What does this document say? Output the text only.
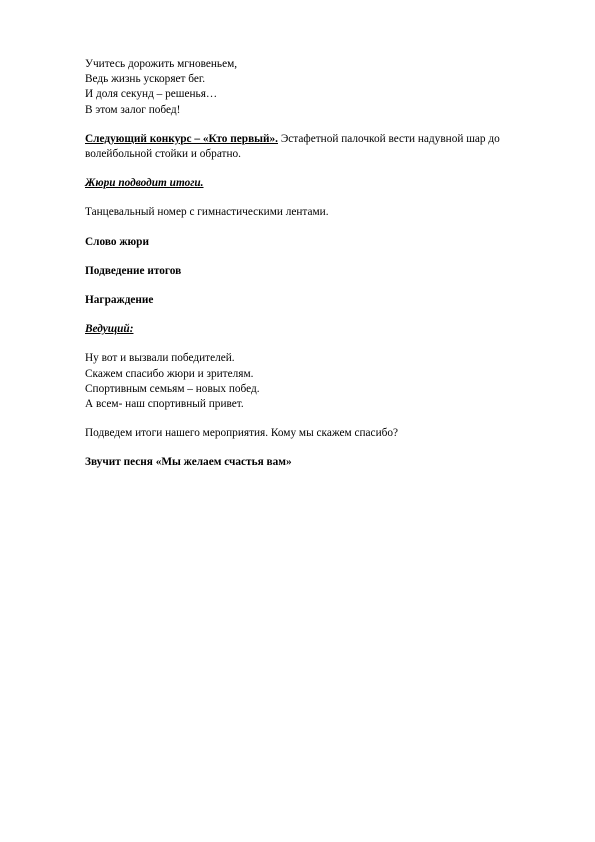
Учитесь дорожить мгновеньем,
Ведь жизнь ускоряет бег.
И доля секунд – решенья…
В этом залог побед!
Следующий конкурс – «Кто первый». Эстафетной палочкой вести надувной шар до волейбольной стойки и обратно.
Жюри подводит итоги.
Танцевальный номер с гимнастическими лентами.
Слово жюри
Подведение итогов
Награждение
Ведущий:
Ну вот и вызвали победителей.
Скажем спасибо жюри и зрителям.
Спортивным семьям – новых побед.
А всем- наш спортивный привет.
Подведем итоги нашего мероприятия. Кому мы скажем спасибо?
Звучит песня «Мы желаем счастья вам»
